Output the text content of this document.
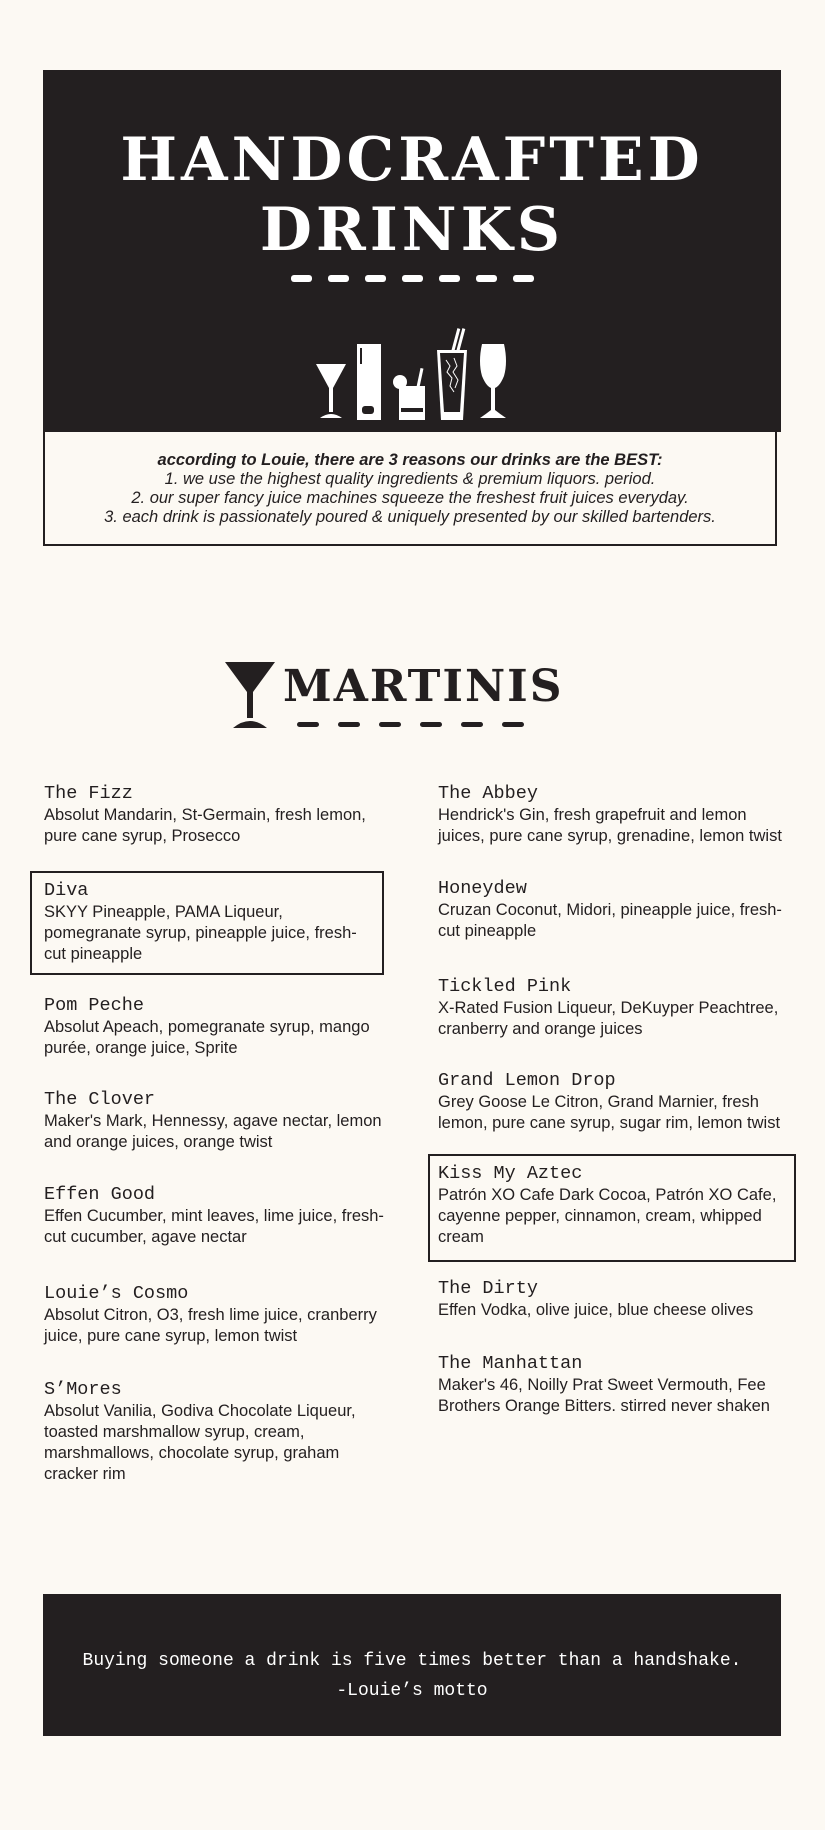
HANDCRAFTED
DRINKS
according to Louie, there are 3 reasons our drinks are the BEST:
1. we use the highest quality ingredients & premium liquors. period.
2. our super fancy juice machines squeeze the freshest fruit juices everyday.
3. each drink is passionately poured & uniquely presented by our skilled bartenders.
MARTINIS
The Fizz
Absolut Mandarin, St-Germain, fresh lemon, pure cane syrup, Prosecco
Diva
SKYY Pineapple, PAMA Liqueur, pomegranate syrup, pineapple juice, fresh-cut pineapple
Pom Peche
Absolut Apeach, pomegranate syrup, mango purée, orange juice, Sprite
The Clover
Maker's Mark, Hennessy, agave nectar, lemon and orange juices, orange twist
Effen Good
Effen Cucumber, mint leaves, lime juice, fresh-cut cucumber, agave nectar
Louie’s Cosmo
Absolut Citron, O3, fresh lime juice, cranberry juice, pure cane syrup, lemon twist
S’Mores
Absolut Vanilia, Godiva Chocolate Liqueur, toasted marshmallow syrup, cream, marshmallows, chocolate syrup, graham cracker rim
The Abbey
Hendrick's Gin, fresh grapefruit and lemon juices, pure cane syrup, grenadine, lemon twist
Honeydew
Cruzan Coconut, Midori, pineapple juice, fresh-cut pineapple
Tickled Pink
X-Rated Fusion Liqueur, DeKuyper Peachtree, cranberry and orange juices
Grand Lemon Drop
Grey Goose Le Citron, Grand Marnier, fresh lemon, pure cane syrup, sugar rim, lemon twist
Kiss My Aztec
Patrón XO Cafe Dark Cocoa, Patrón XO Cafe, cayenne pepper, cinnamon, cream, whipped cream
The Dirty
Effen Vodka, olive juice, blue cheese olives
The Manhattan
Maker's 46, Noilly Prat Sweet Vermouth, Fee Brothers Orange Bitters. stirred never shaken
Buying someone a drink is five times better than a handshake.
-Louie’s motto
